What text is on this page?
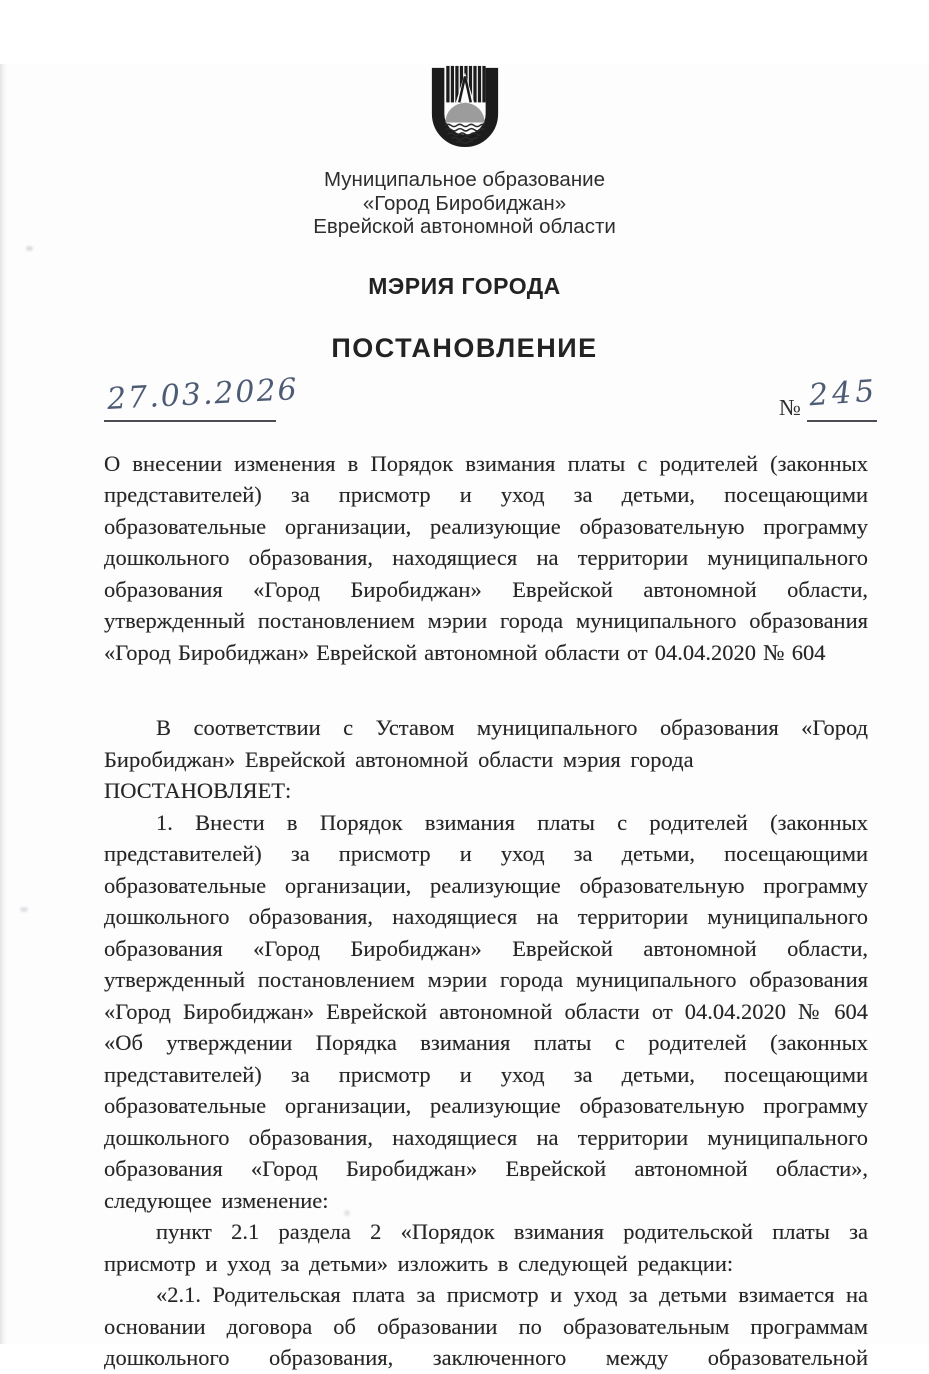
Муниципальное образование
«Город Биробиджан»
Еврейской автономной области
МЭРИЯ ГОРОДА
ПОСТАНОВЛЕНИЕ
27.03.2026	№ 245

О внесении изменения в Порядок взимания платы с родителей (законных представителей) за присмотр и уход за детьми, посещающими образовательные организации, реализующие образовательную программу дошкольного образования, находящиеся на территории муниципального образования «Город Биробиджан» Еврейской автономной области, утвержденный постановлением мэрии города муниципального образования «Город Биробиджан» Еврейской автономной области от 04.04.2020 № 604

В соответствии с Уставом муниципального образования «Город Биробиджан» Еврейской автономной области мэрия города

ПОСТАНОВЛЯЕТ:

1. Внести в Порядок взимания платы с родителей (законных представителей) за присмотр и уход за детьми, посещающими образовательные организации, реализующие образовательную программу дошкольного образования, находящиеся на территории муниципального образования «Город Биробиджан» Еврейской автономной области, утвержденный постановлением мэрии города муниципального образования «Город Биробиджан» Еврейской автономной области от 04.04.2020 № 604 «Об утверждении Порядка взимания платы с родителей (законных представителей) за присмотр и уход за детьми, посещающими образовательные организации, реализующие образовательную программу дошкольного образования, находящиеся на территории муниципального образования «Город Биробиджан» Еврейской автономной области», следующее изменение:

пункт 2.1 раздела 2 «Порядок взимания родительской платы за присмотр и уход за детьми» изложить в следующей редакции:

«2.1. Родительская плата за присмотр и уход за детьми взимается на основании договора об образовании по образовательным программам дошкольного образования, заключенного между образовательной
